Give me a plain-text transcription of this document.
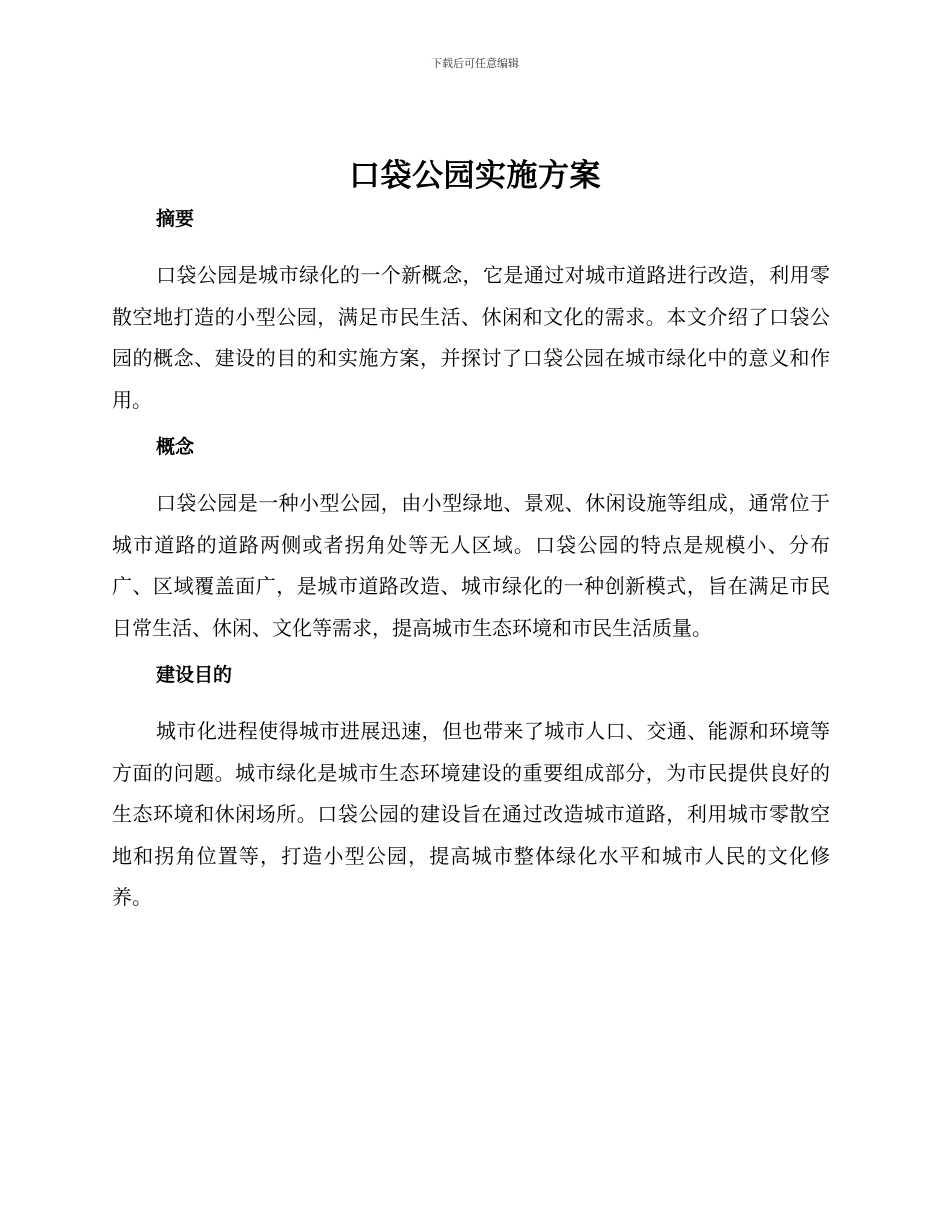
下载后可任意编辑
口袋公园实施方案
摘要

口袋公园是城市绿化的一个新概念，它是通过对城市道路进行改造，利用零散空地打造的小型公园，满足市民生活、休闲和文化的需求。本文介绍了口袋公园的概念、建设的目的和实施方案，并探讨了口袋公园在城市绿化中的意义和作用。

概念

口袋公园是一种小型公园，由小型绿地、景观、休闲设施等组成，通常位于城市道路的道路两侧或者拐角处等无人区域。口袋公园的特点是规模小、分布广、区域覆盖面广，是城市道路改造、城市绿化的一种创新模式，旨在满足市民日常生活、休闲、文化等需求，提高城市生态环境和市民生活质量。

建设目的

城市化进程使得城市进展迅速，但也带来了城市人口、交通、能源和环境等方面的问题。城市绿化是城市生态环境建设的重要组成部分，为市民提供良好的生态环境和休闲场所。口袋公园的建设旨在通过改造城市道路，利用城市零散空地和拐角位置等，打造小型公园，提高城市整体绿化水平和城市人民的文化修养。
